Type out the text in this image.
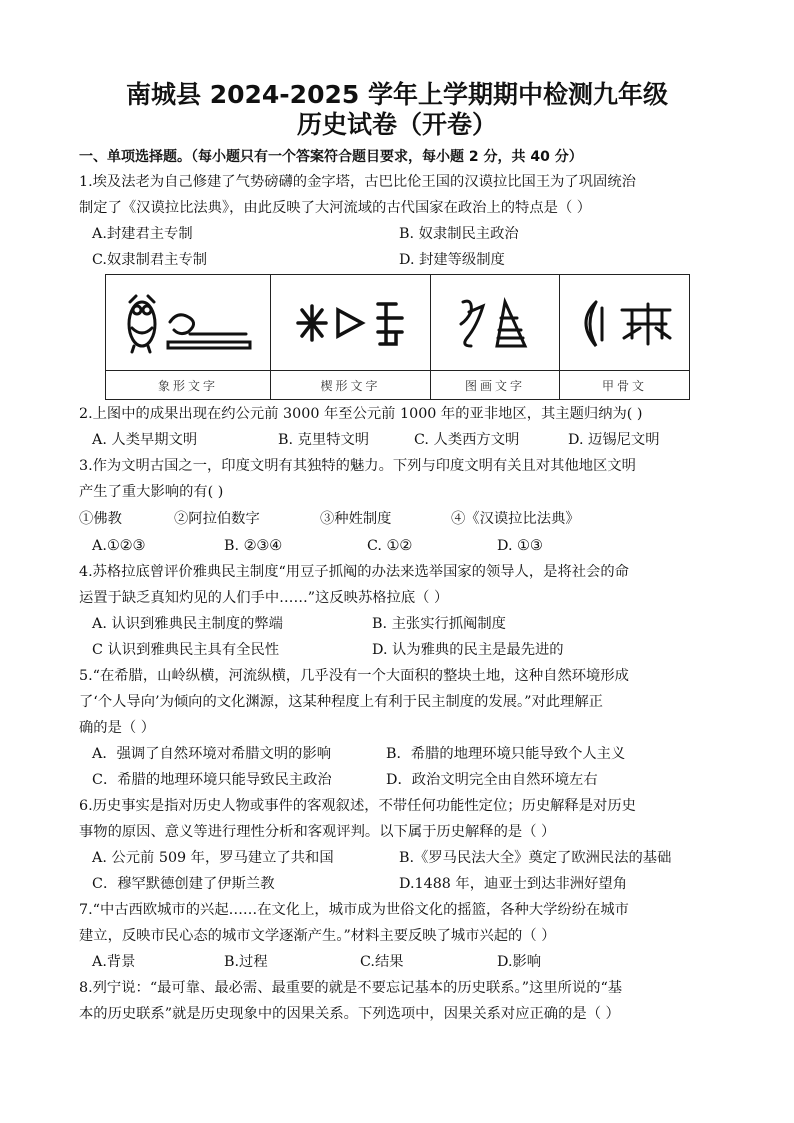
南城县 2024-2025 学年上学期期中检测九年级
历史试卷（开卷）
一、单项选择题。（每小题只有一个答案符合题目要求，每小题 2 分，共 40 分）
1.埃及法老为自己修建了气势磅礴的金字塔，古巴比伦王国的汉谟拉比国王为了巩固统治
制定了《汉谟拉比法典》，由此反映了大河流域的古代国家在政治上的特点是（ ）
A.封建君主专制	B. 奴隶制民主政治
C.奴隶制君主专制	D. 封建等级制度

象形文字	楔形文字	图画文字	甲骨文
2.上图中的成果出现在约公元前 3000 年至公元前 1000 年的亚非地区，其主题归纳为( )
A. 人类早期文明	B. 克里特文明	C. 人类西方文明	D. 迈锡尼文明
3.作为文明古国之一，印度文明有其独特的魅力。下列与印度文明有关且对其他地区文明
产生了重大影响的有( )
①佛教	②阿拉伯数字	③种姓制度	④《汉谟拉比法典》
A.①②③	B. ②③④	C. ①②	D. ①③
4.苏格拉底曾评价雅典民主制度“用豆子抓阄的办法来选举国家的领导人，是将社会的命
运置于缺乏真知灼见的人们手中……”这反映苏格拉底（ ）
A. 认识到雅典民主制度的弊端	B. 主张实行抓阄制度
C 认识到雅典民主具有全民性	D. 认为雅典的民主是最先进的
5.“在希腊，山岭纵横，河流纵横，几乎没有一个大面积的整块土地，这种自然环境形成
了‘个人导向’为倾向的文化渊源，这某种程度上有利于民主制度的发展。”对此理解正
确的是（ ）
A．强调了自然环境对希腊文明的影响	B．希腊的地理环境只能导致个人主义
C．希腊的地理环境只能导致民主政治	D．政治文明完全由自然环境左右
6.历史事实是指对历史人物或事件的客观叙述，不带任何功能性定位；历史解释是对历史
事物的原因、意义等进行理性分析和客观评判。以下属于历史解释的是（ ）
A. 公元前 509 年，罗马建立了共和国	B.《罗马民法大全》奠定了欧洲民法的基础
C．穆罕默德创建了伊斯兰教	D.1488 年，迪亚士到达非洲好望角
7.“中古西欧城市的兴起……在文化上，城市成为世俗文化的摇篮，各种大学纷纷在城市
建立，反映市民心态的城市文学逐渐产生。”材料主要反映了城市兴起的（ ）
A.背景	B.过程	C.结果	D.影响
8.列宁说：“最可靠、最必需、最重要的就是不要忘记基本的历史联系。”这里所说的“基
本的历史联系”就是历史现象中的因果关系。下列选项中，因果关系对应正确的是（ ）
